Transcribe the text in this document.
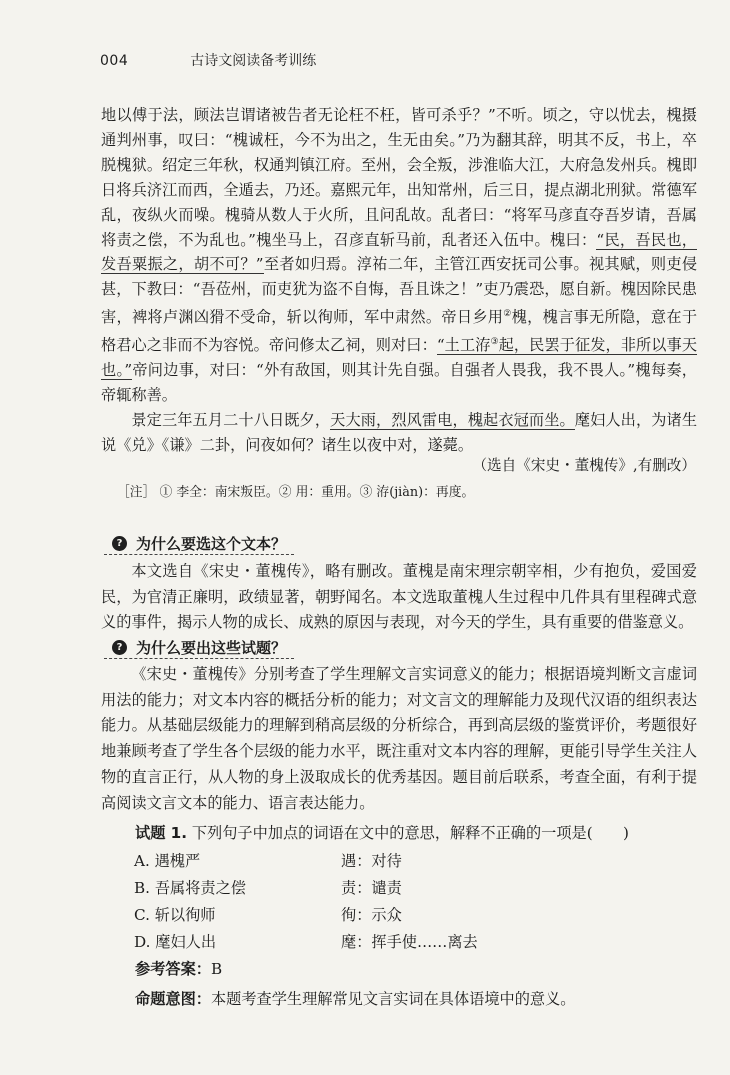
004	古诗文阅读备考训练

地以傅于法，顾法岂谓诸被告者无论枉不枉，皆可杀乎？”不听。顷之，守以忧去，槐摄通判州事，叹曰：“槐诚枉，今不为出之，生无由矣。”乃为翻其辞，明其不反，书上，卒脱槐狱。绍定三年秋，权通判镇江府。至州，会全叛，涉淮临大江，大府急发州兵。槐即日将兵济江而西，全遁去，乃还。嘉熙元年，出知常州，后三日，提点湖北刑狱。常德军乱，夜纵火而噪。槐骑从数人于火所，且问乱故。乱者曰：“将军马彦直夺吾岁请，吾属将责之偿，不为乱也。”槐坐马上，召彦直斩马前，乱者还入伍中。槐曰：“民，吾民也，发吾粟振之，胡不可？”至者如归焉。淳祐二年，主管江西安抚司公事。视其赋，则吏侵甚，下教曰：“吾莅州，而吏犹为盗不自悔，吾且诛之！”吏乃震恐，愿自新。槐因除民患害，裨将卢渊凶猾不受命，斩以徇师，军中肃然。帝日乡用②槐，槐言事无所隐，意在于格君心之非而不为容悦。帝问修太乙祠，则对曰：“土工洊③起，民罢于征发，非所以事天也。”帝问边事，对曰：“外有敌国，则其计先自强。自强者人畏我，我不畏人。”槐每奏，帝辄称善。

景定三年五月二十八日既夕，天大雨，烈风雷电，槐起衣冠而坐。麾妇人出，为诸生说《兑》《谦》二卦，问夜如何？诸生以夜中对，遂薨。

（选自《宋史・董槐传》,有删改）
［注］ ① 李全：南宋叛臣。② 用：重用。③ 洊(jiàn)：再度。
? 为什么要选这个文本？

本文选自《宋史・董槐传》，略有删改。董槐是南宋理宗朝宰相，少有抱负，爱国爱民，为官清正廉明，政绩显著，朝野闻名。本文选取董槐人生过程中几件具有里程碑式意义的事件，揭示人物的成长、成熟的原因与表现，对今天的学生，具有重要的借鉴意义。

? 为什么要出这些试题？

《宋史・董槐传》分别考查了学生理解文言实词意义的能力；根据语境判断文言虚词用法的能力；对文本内容的概括分析的能力；对文言文的理解能力及现代汉语的组织表达能力。从基础层级能力的理解到稍高层级的分析综合，再到高层级的鉴赏评价，考题很好地兼顾考查了学生各个层级的能力水平，既注重对文本内容的理解，更能引导学生关注人物的直言正行，从人物的身上汲取成长的优秀基因。题目前后联系，考查全面，有利于提高阅读文言文本的能力、语言表达能力。

试题 1. 下列句子中加点的词语在文中的意思，解释不正确的一项是(　　)
A. 遇槐严	遇：对待
B. 吾属将责之偿	责：谴责
C. 斩以徇师	徇：示众
D. 麾妇人出	麾：挥手使……离去
参考答案：B
命题意图：本题考查学生理解常见文言实词在具体语境中的意义。
